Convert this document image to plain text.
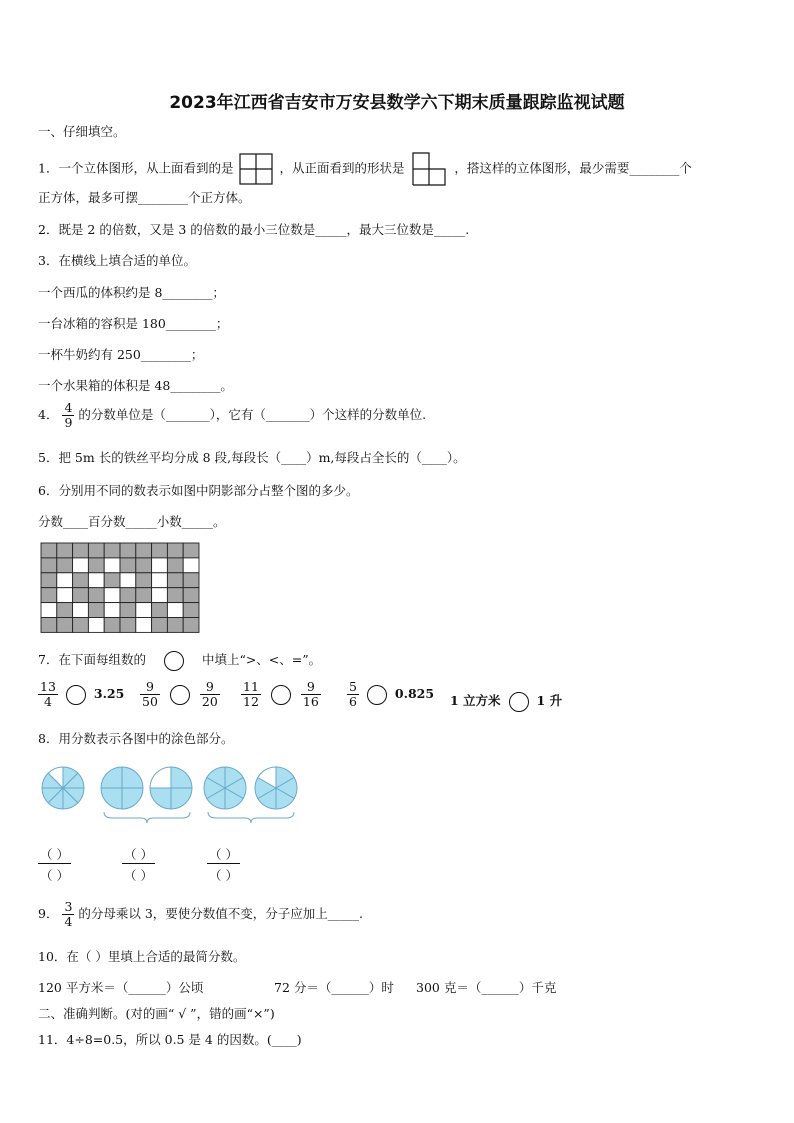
2023年江西省吉安市万安县数学六下期末质量跟踪监视试题
一、仔细填空。
1．一个立体图形，从上面看到的是	，从正面看到的形状是	，搭这样的立体图形，最少需要________个
正方体，最多可摆________个正方体。
2．既是 2 的倍数，又是 3 的倍数的最小三位数是_____，最大三位数是_____.
3．在横线上填合适的单位。
一个西瓜的体积约是 8________；
一台冰箱的容积是 180________；
一杯牛奶约有 250________；
一个水果箱的体积是 48________。
4． $\frac{4}{9}$ 的分数单位是（_______），它有（_______）个这样的分数单位.
5．把 5m 长的铁丝平均分成 8 段,每段长（____）m,每段占全长的（____）。
6．分别用不同的数表示如图中阴影部分占整个图的多少。
分数____百分数_____小数_____。
7．在下面每组数的	中填上“>、<、=”。
$\frac{13}{4}$	$3.25 \frac{9}{50}$
	$\frac{9}{20} \frac{11}{12}$
	$\frac{9}{16} \frac{5}{6}$	0.825 1 立方米	1 升
8．用分数表示各图中的涂色部分。
（ ）
（ ）
（ ）
（ ）
（ ）
（ ）
9． $\frac{3}{4}$ 的分母乘以 3，要使分数值不变，分子应加上_____.
10．在（ ）里填上合适的最简分数。
120 平方米＝（______）公顷	72 分＝（______）时 300 克＝（______）千克
二、准确判断。(对的画“ √ ”，错的画“×”)
11．4÷8=0.5，所以 0.5 是 4 的因数。(____)
